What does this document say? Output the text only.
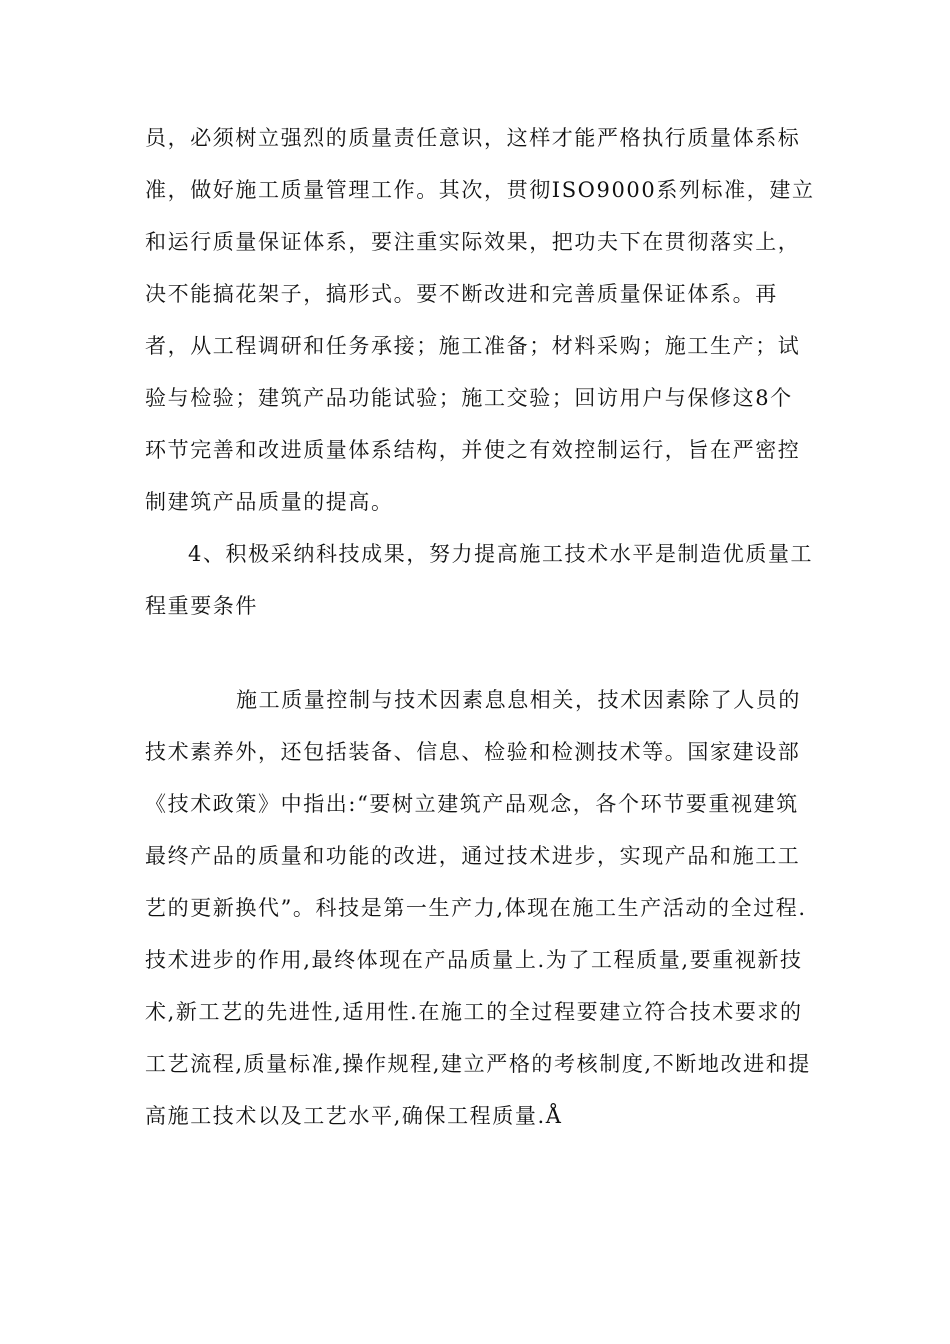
员，必须树立强烈的质量责任意识，这样才能严格执行质量体系标
准，做好施工质量管理工作。其次，贯彻ISO9000系列标准，建立
和运行质量保证体系，要注重实际效果，把功夫下在贯彻落实上，
决不能搞花架子，搞形式。要不断改进和完善质量保证体系。再
者，从工程调研和任务承接；施工准备；材料采购；施工生产；试
验与检验；建筑产品功能试验；施工交验；回访用户与保修这8个
环节完善和改进质量体系结构，并使之有效控制运行，旨在严密控
制建筑产品质量的提高。
4、积极采纳科技成果，努力提高施工技术水平是制造优质量工
程重要条件
施工质量控制与技术因素息息相关，技术因素除了人员的
技术素养外，还包括装备、信息、检验和检测技术等。国家建设部
《技术政策》中指出:“要树立建筑产品观念，各个环节要重视建筑
最终产品的质量和功能的改进，通过技术进步，实现产品和施工工
艺的更新换代”。科技是第一生产力,体现在施工生产活动的全过程.
技术进步的作用,最终体现在产品质量上.为了工程质量,要重视新技
术,新工艺的先进性,适用性.在施工的全过程要建立符合技术要求的
工艺流程,质量标准,操作规程,建立严格的考核制度,不断地改进和提
高施工技术以及工艺水平,确保工程质量.Å
